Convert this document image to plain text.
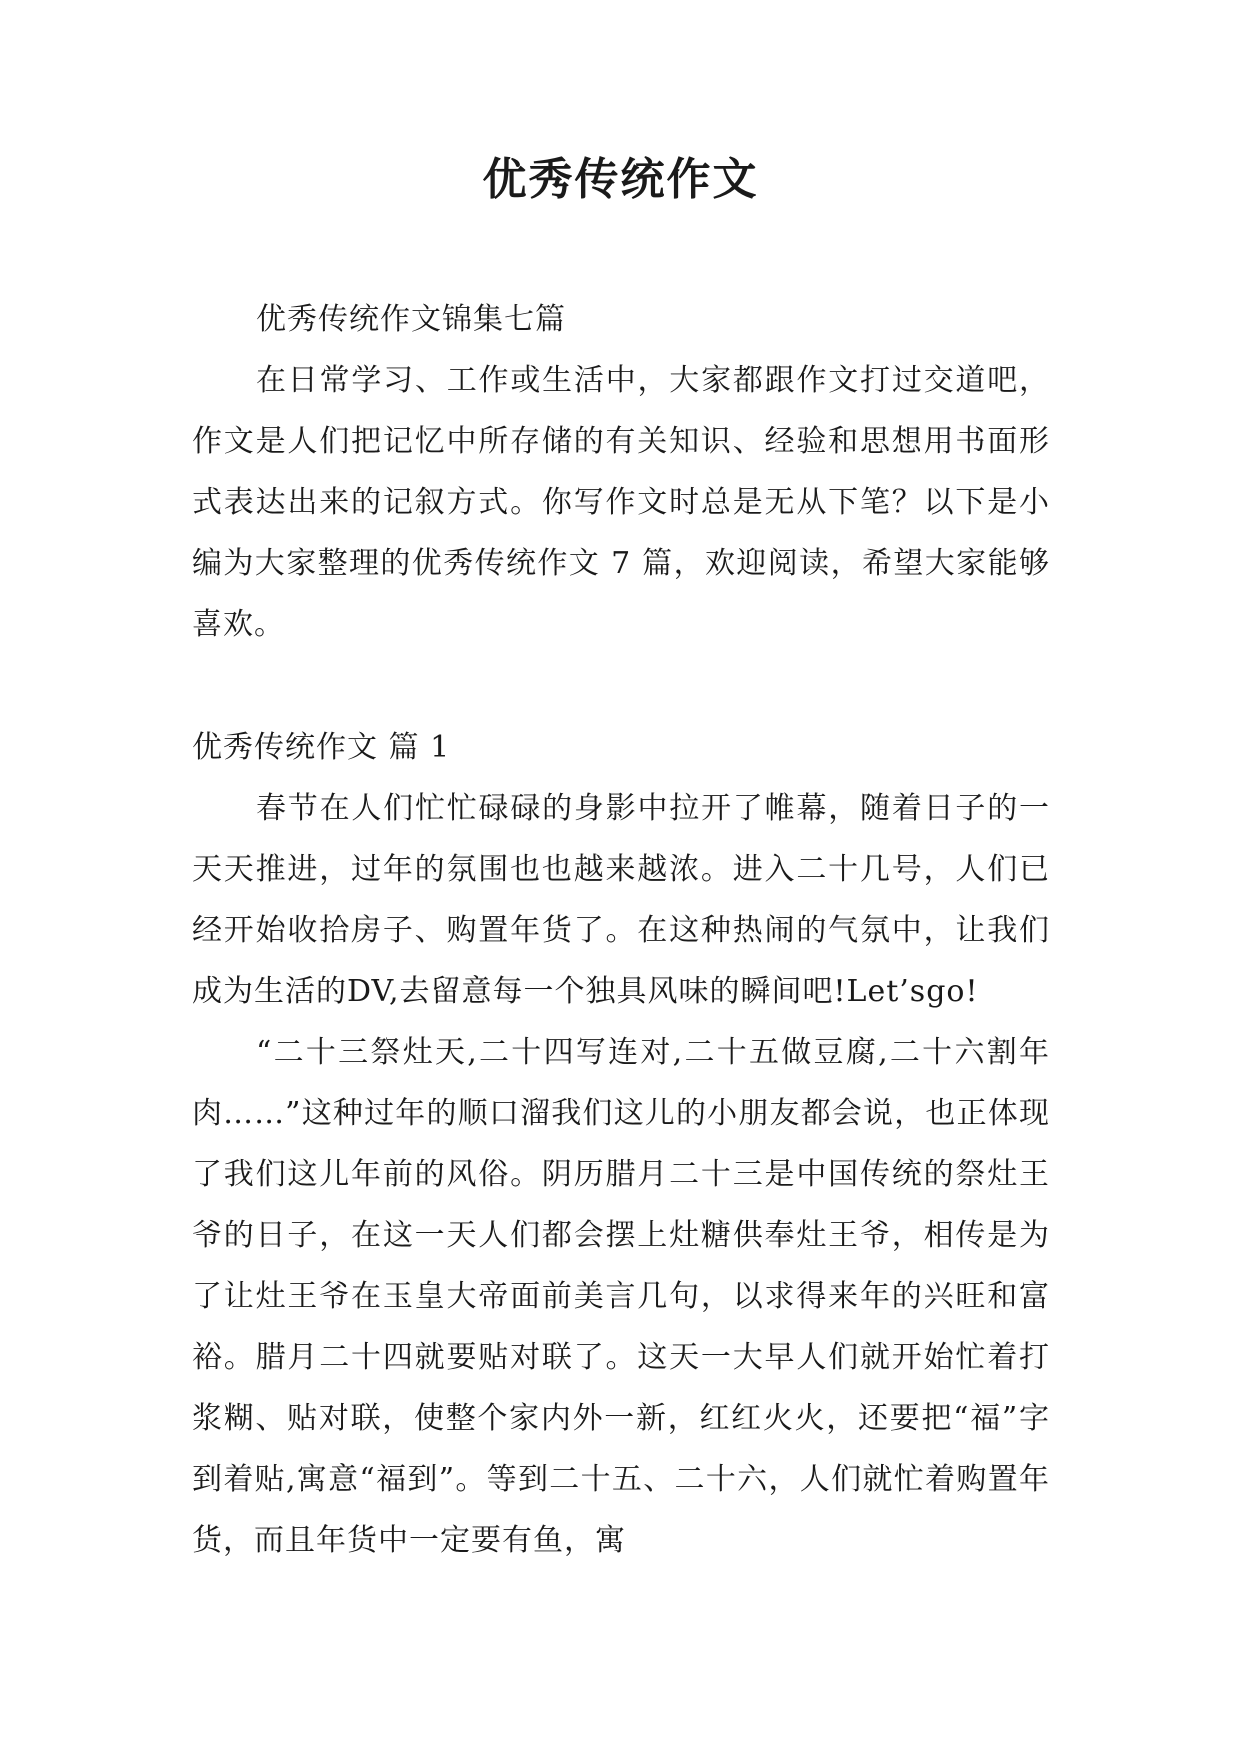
优秀传统作文

优秀传统作文锦集七篇

在日常学习、工作或生活中，大家都跟作文打过交道吧，作文是人们把记忆中所存储的有关知识、经验和思想用书面形式表达出来的记叙方式。你写作文时总是无从下笔？以下是小编为大家整理的优秀传统作文 7 篇，欢迎阅读，希望大家能够喜欢。

优秀传统作文 篇 1

春节在人们忙忙碌碌的身影中拉开了帷幕，随着日子的一天天推进，过年的氛围也也越来越浓。进入二十几号，人们已经开始收拾房子、购置年货了。在这种热闹的气氛中，让我们成为生活的DV,去留意每一个独具风味的瞬间吧!Let’sgo!

“二十三祭灶天,二十四写连对,二十五做豆腐,二十六割年肉……”这种过年的顺口溜我们这儿的小朋友都会说，也正体现了我们这儿年前的风俗。阴历腊月二十三是中国传统的祭灶王爷的日子，在这一天人们都会摆上灶糖供奉灶王爷，相传是为了让灶王爷在玉皇大帝面前美言几句，以求得来年的兴旺和富裕。腊月二十四就要贴对联了。这天一大早人们就开始忙着打浆糊、贴对联，使整个家内外一新，红红火火，还要把“福”字到着贴,寓意“福到”。等到二十五、二十六，人们就忙着购置年货，而且年货中一定要有鱼，寓
